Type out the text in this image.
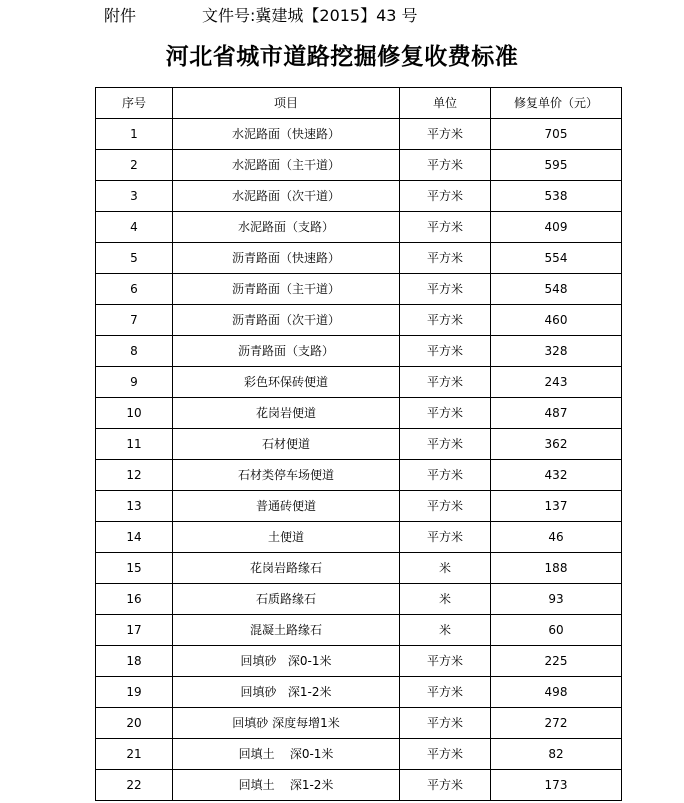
附件	文件号:冀建城【2015】43 号
河北省城市道路挖掘修复收费标准
序号	项目	单位	修复单价（元）
1	水泥路面（快速路）	平方米	705
2	水泥路面（主干道）	平方米	595
3	水泥路面（次干道）	平方米	538
4	水泥路面（支路）	平方米	409
5	沥青路面（快速路）	平方米	554
6	沥青路面（主干道）	平方米	548
7	沥青路面（次干道）	平方米	460
8	沥青路面（支路）	平方米	328
9	彩色环保砖便道	平方米	243
10	花岗岩便道	平方米	487
11	石材便道	平方米	362
12	石材类停车场便道	平方米	432
13	普通砖便道	平方米	137
14	土便道	平方米	46
15	花岗岩路缘石	米	188
16	石质路缘石	米	93
17	混凝土路缘石	米	60
18	回填砂   深0-1米	平方米	225
19	回填砂   深1-2米	平方米	498
20	回填砂 深度每增1米	平方米	272
21	回填土    深0-1米	平方米	82
22	回填土    深1-2米	平方米	173
